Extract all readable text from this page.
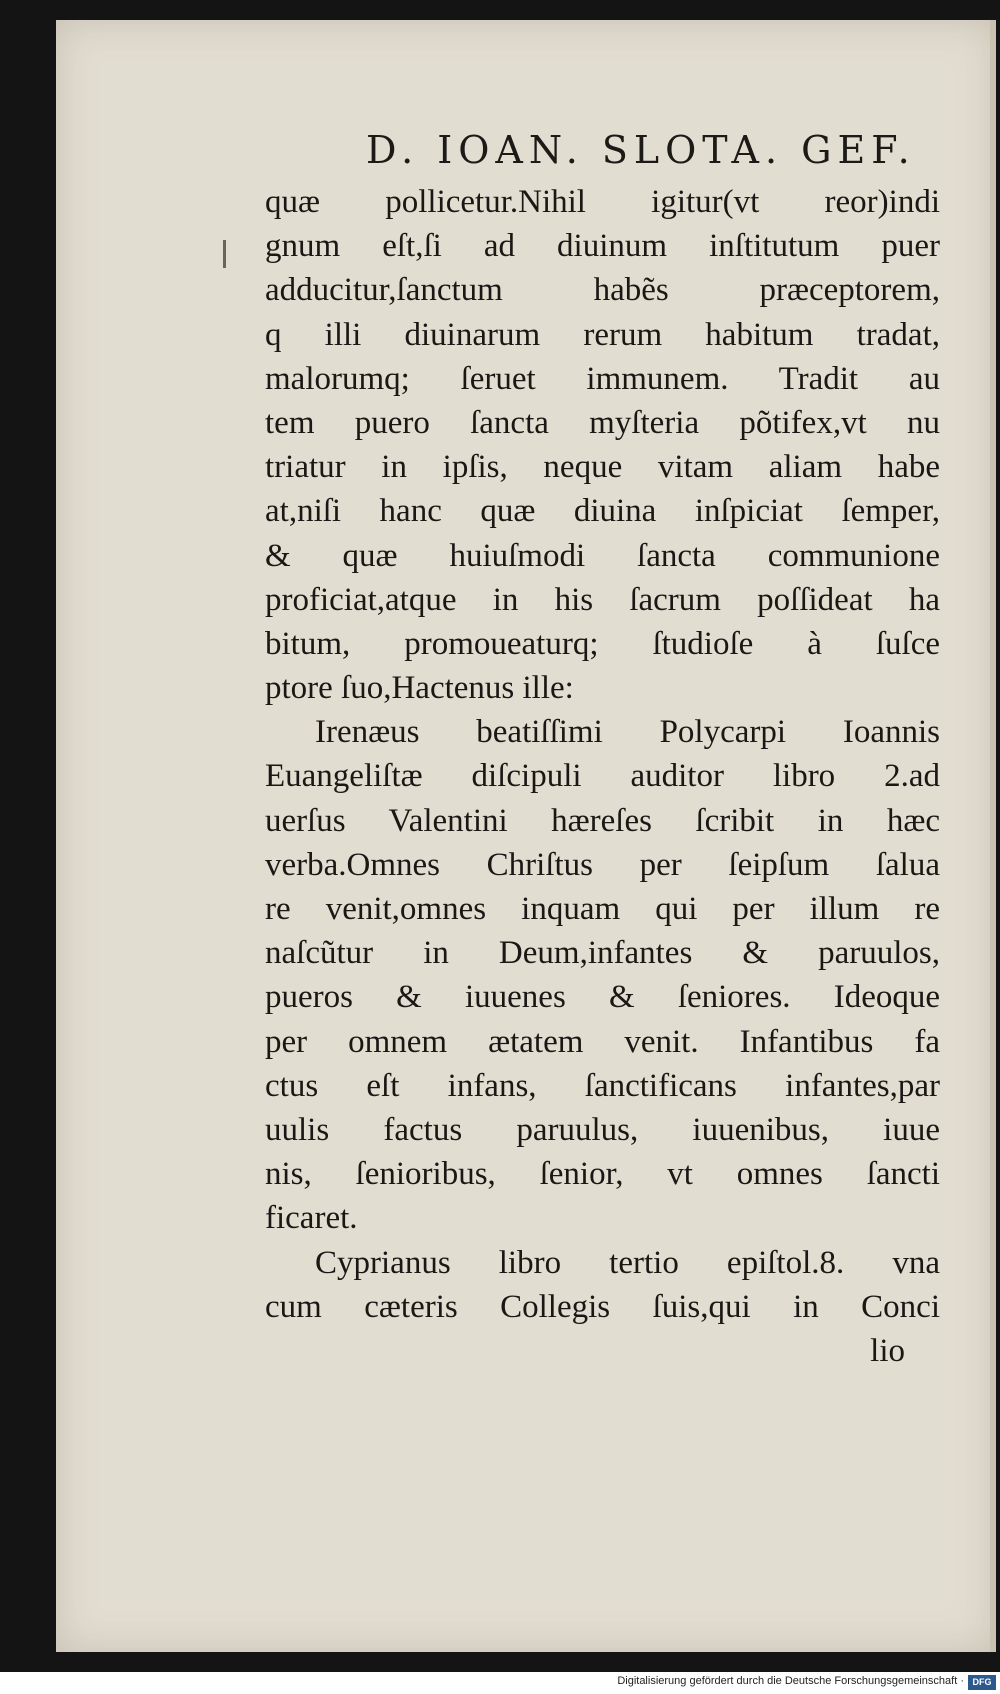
D. IOAN. SLOTA. GEF.
quæ pollicetur.Nihil igitur(vt reor)indi
gnum eſt,ſi ad diuinum inſtitutum puer
adducitur,ſanctum habẽs præceptorem,
q illi diuinarum rerum habitum tradat,
malorumq; ſeruet immunem. Tradit au
tem puero ſancta myſteria põtifex,vt nu
triatur in ipſis, neque vitam aliam habe
at,niſi hanc quæ diuina inſpiciat ſemper,
& quæ huiuſmodi ſancta communione
proficiat,atque in his ſacrum poſſideat ha
bitum, promoueaturq; ſtudioſe à ſuſce
ptore ſuo,Hactenus ille:
Irenæus beatiſſimi Polycarpi Ioannis
Euangeliſtæ diſcipuli auditor libro 2.ad
uerſus Valentini hæreſes ſcribit in hæc
verba.Omnes Chriſtus per ſeipſum ſalua
re venit,omnes inquam qui per illum re
naſcũtur in Deum,infantes & paruulos,
pueros & iuuenes & ſeniores. Ideoque
per omnem ætatem venit. Infantibus fa
ctus eſt infans, ſanctificans infantes,par
uulis factus paruulus, iuuenibus, iuue
nis, ſenioribus, ſenior, vt omnes ſancti
ficaret.
Cyprianus libro tertio epiſtol.8. vna
cum cæteris Collegis ſuis,qui in Conci
lio
Digitalisierung gefördert durch die Deutsche Forschungsgemeinschaft · DFG
